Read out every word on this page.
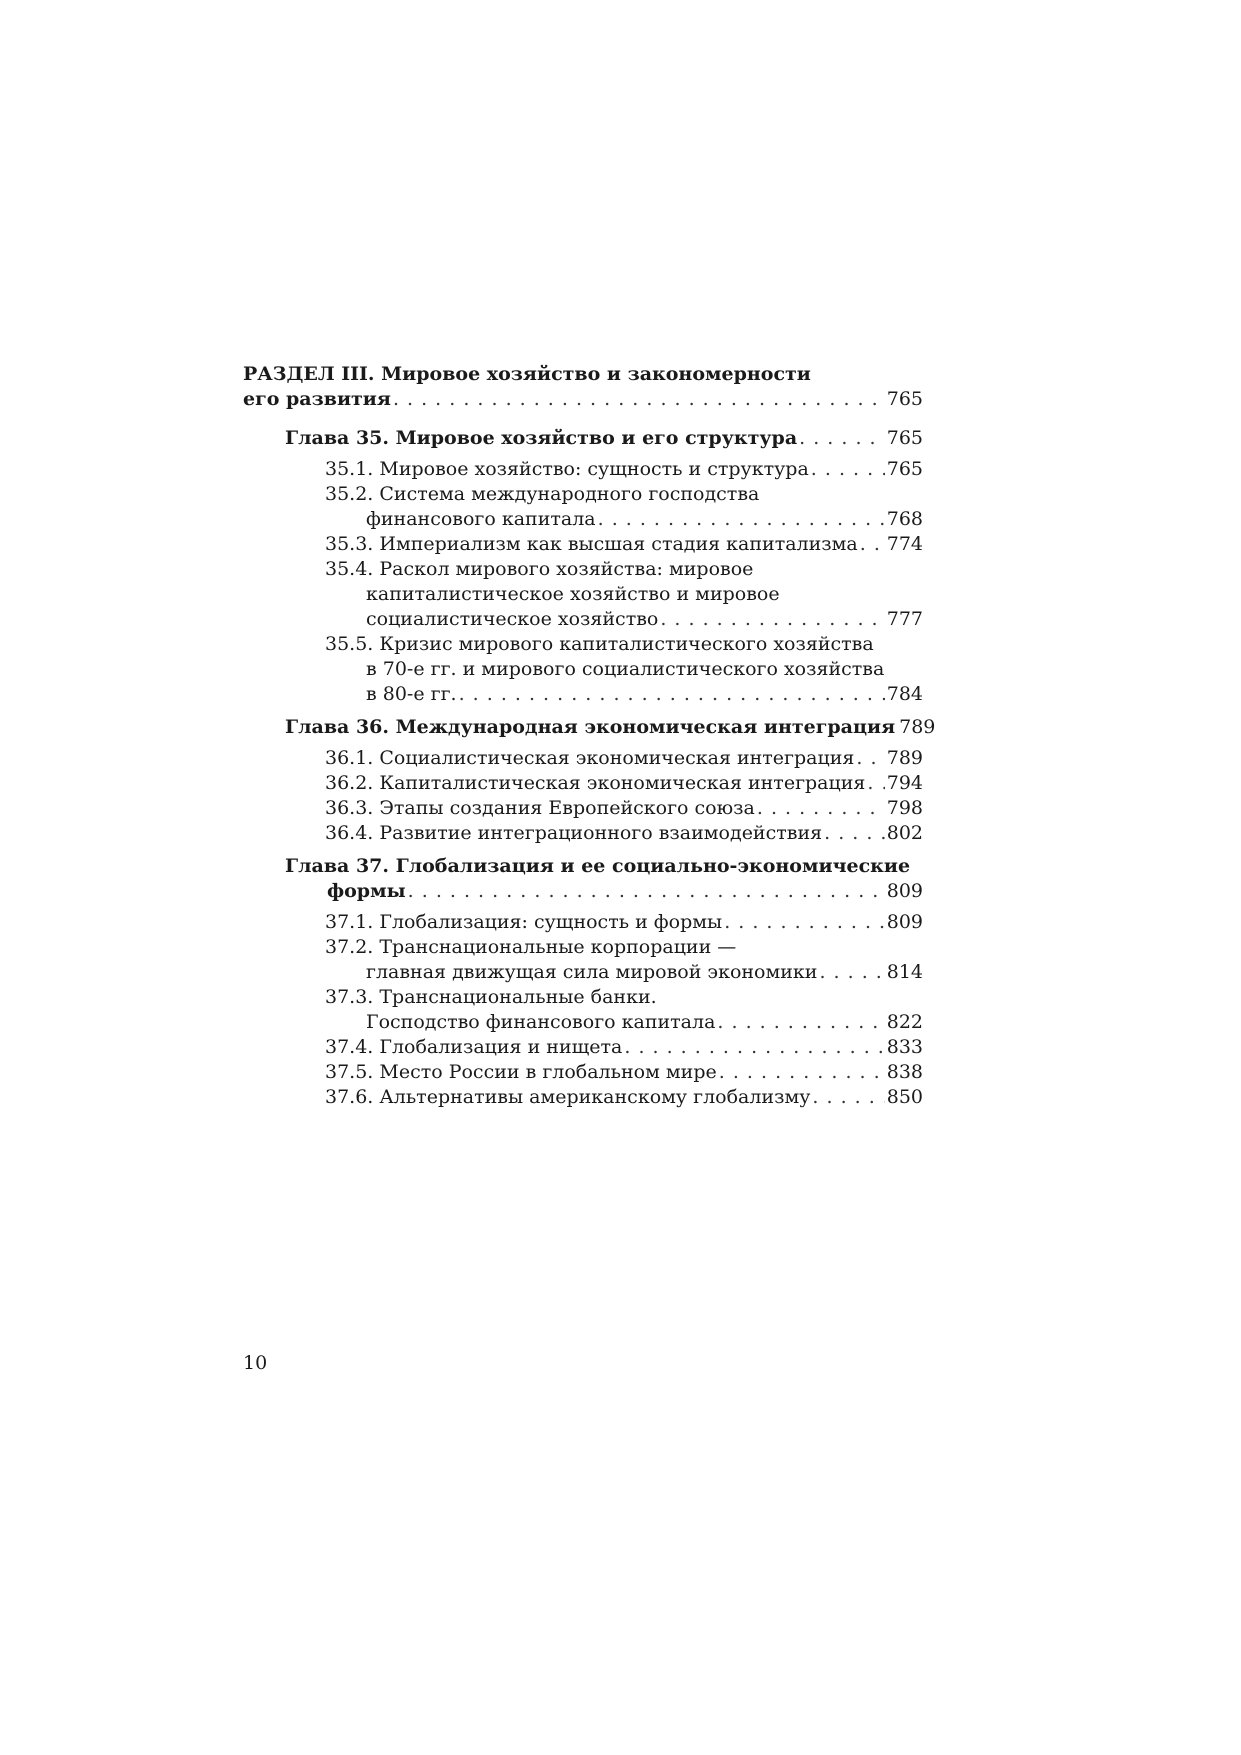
РАЗДЕЛ III. Мировое хозяйство и закономерности
его развития . . .	765
Глава 35. Мировое хозяйство и его структура . . .	765
35.1. Мировое хозяйство: сущность и структура . . .	765
35.2. Система международного господства
финансового капитала . . .	768
35.3. Империализм как высшая стадия капитализма . . . 774
35.4. Раскол мирового хозяйства: мировое
капиталистическое хозяйство и мировое
социалистическое хозяйство . . .	777
35.5. Кризис мирового капиталистического хозяйства
в 70-е гг. и мирового социалистического хозяйства
в 80-е гг. . . .	784
Глава 36. Международная экономическая интеграция 789
36.1. Социалистическая экономическая интеграция . . . 789
36.2. Капиталистическая экономическая интеграция . . . 794
36.3. Этапы создания Европейского союза . . .	798
36.4. Развитие интеграционного взаимодействия . . .	802
Глава 37. Глобализация и ее социально-экономические
формы . . .	809
37.1. Глобализация: сущность и формы . . .	809
37.2. Транснациональные корпорации —
главная движущая сила мировой экономики . . .	814
37.3. Транснациональные банки.
Господство финансового капитала . . .	822
37.4. Глобализация и нищета . . .	833
37.5. Место России в глобальном мире . . .	838
37.6. Альтернативы американскому глобализму . . .	850
10
